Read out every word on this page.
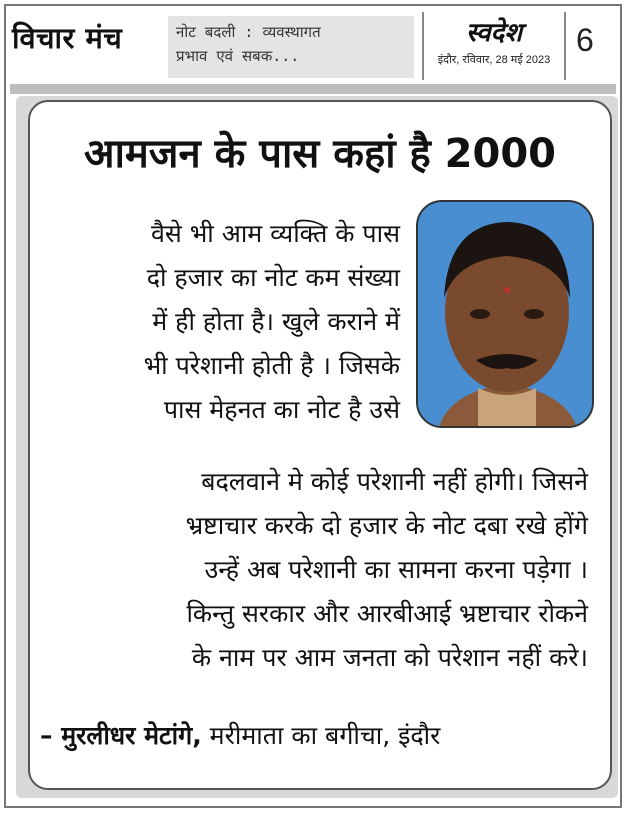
विचार मंच	नोट बदली : व्यवस्थागत
प्रभाव एवं सबक...
स्वदेश
इंदौर, रविवार, 28 मई 2023
6
आमजन के पास कहां है 2000
वैसे भी आम व्यक्ति के पास
दो हजार का नोट कम संख्या
में ही होता है। खुले कराने में
भी परेशानी होती है । जिसके
पास मेहनत का नोट है उसे
बदलवाने मे कोई परेशानी नहीं होगी। जिसने
भ्रष्टाचार करके दो हजार के नोट दबा रखे होंगे
उन्हें अब परेशानी का सामना करना पड़ेगा ।
किन्तु सरकार और आरबीआई भ्रष्टाचार रोकने
के नाम पर आम जनता को परेशान नहीं करे।
– मुरलीधर मेटांगे, मरीमाता का बगीचा, इंदौर
